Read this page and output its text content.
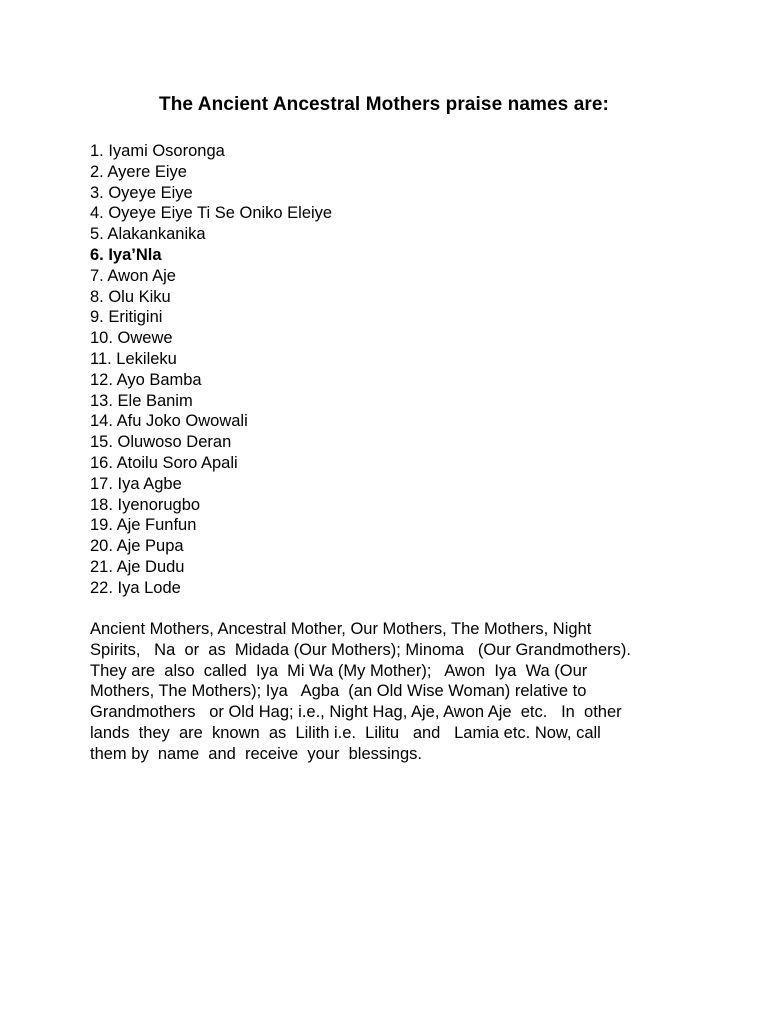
The Ancient Ancestral Mothers praise names are:
1. Iyami Osoronga
2. Ayere Eiye
3. Oyeye Eiye
4. Oyeye Eiye Ti Se Oniko Eleiye
5. Alakankanika
6. Iya’Nla
7. Awon Aje
8. Olu Kiku
9. Eritigini
10. Owewe
11. Lekileku
12. Ayo Bamba
13. Ele Banim
14. Afu Joko Owowali
15. Oluwoso Deran
16. Atoilu Soro Apali
17. Iya Agbe
18. Iyenorugbo
19. Aje Funfun
20. Aje Pupa
21. Aje Dudu
22. Iya Lode
Ancient Mothers, Ancestral Mother, Our Mothers, The Mothers, Night
Spirits,   Na  or  as  Midada (Our Mothers); Minoma   (Our Grandmothers).
They are  also  called  Iya  Mi Wa (My Mother);   Awon  Iya  Wa (Our
Mothers, The Mothers); Iya   Agba  (an Old Wise Woman) relative to
Grandmothers   or Old Hag; i.e., Night Hag, Aje, Awon Aje  etc.   In  other
lands  they  are  known  as  Lilith i.e.  Lilitu   and   Lamia etc. Now, call
them by  name  and  receive  your  blessings.
